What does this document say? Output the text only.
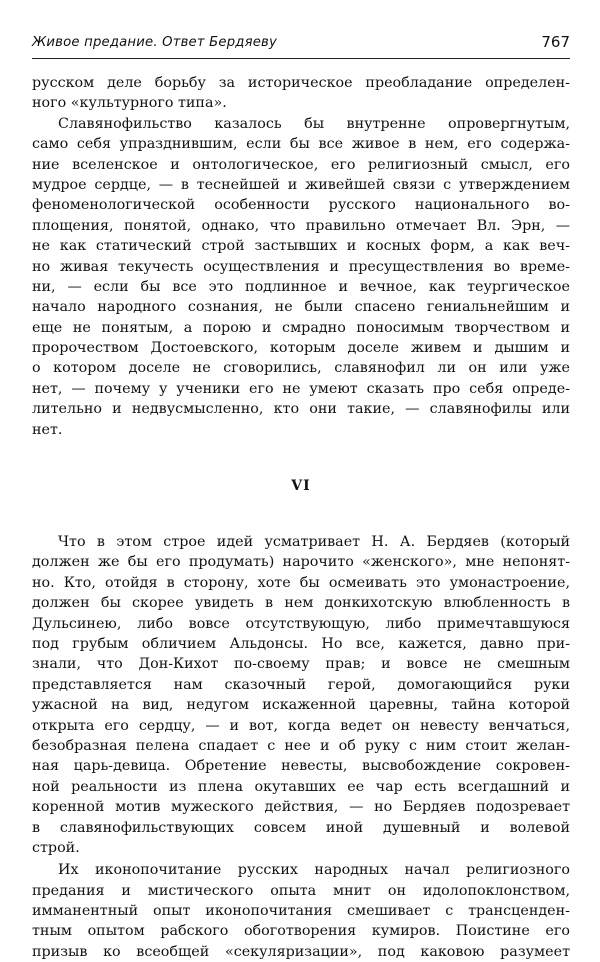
Живое предание. Ответ Бердяеву	767
русском деле борьбу за историческое преобладание определен-
ного «культурного типа».
Славянофильство казалось бы внутренне опровергнутым,
само себя упразднившим, если бы все живое в нем, его содержа-
ние вселенское и онтологическое, его религиозный смысл, его
мудрое сердце, — в теснейшей и живейшей связи с утверждением
феноменологической особенности русского национального во-
площения, понятой, однако, что правильно отмечает Вл. Эрн, —
не как статический строй застывших и косных форм, а как веч-
но живая текучесть осуществления и пресуществления во време-
ни, — если бы все это подлинное и вечное, как теургическое
начало народного сознания, не были спасено гениальнейшим и
еще не понятым, а порою и смрадно поносимым творчеством и
пророчеством Достоевского, которым доселе живем и дышим и
о котором доселе не сговорились, славянофил ли он или уже
нет, — почему у ученики его не умеют сказать про себя опреде-
лительно и недвусмысленно, кто они такие, — славянофилы или
нет.
VI
Что в этом строе идей усматривает Н. А. Бердяев (который
должен же бы его продумать) нарочито «женского», мне непонят-
но. Кто, отойдя в сторону, хоте бы осмеивать это умонастроение,
должен бы скорее увидеть в нем донкихотскую влюбленность в
Дульсинею, либо вовсе отсутствующую, либо примечтавшуюся
под грубым обличием Альдонсы. Но все, кажется, давно при-
знали, что Дон-Кихот по-своему прав; и вовсе не смешным
представляется нам сказочный герой, домогающийся руки
ужасной на вид, недугом искаженной царевны, тайна которой
открыта его сердцу, — и вот, когда ведет он невесту венчаться,
безобразная пелена спадает с нее и об руку с ним стоит желан-
ная царь-девица. Обретение невесты, высвобождение сокровен-
ной реальности из плена окутавших ее чар есть всегдашний и
коренной мотив мужеского действия, — но Бердяев подозревает
в славянофильствующих совсем иной душевный и волевой
строй.
Их иконопочитание русских народных начал религиозного
предания и мистического опыта мнит он идолопоклонством,
имманентный опыт иконопочитания смешивает с трансценден-
тным опытом рабского обоготворения кумиров. Поистине его
призыв ко всеобщей «секуляризации», под каковою разумеет
